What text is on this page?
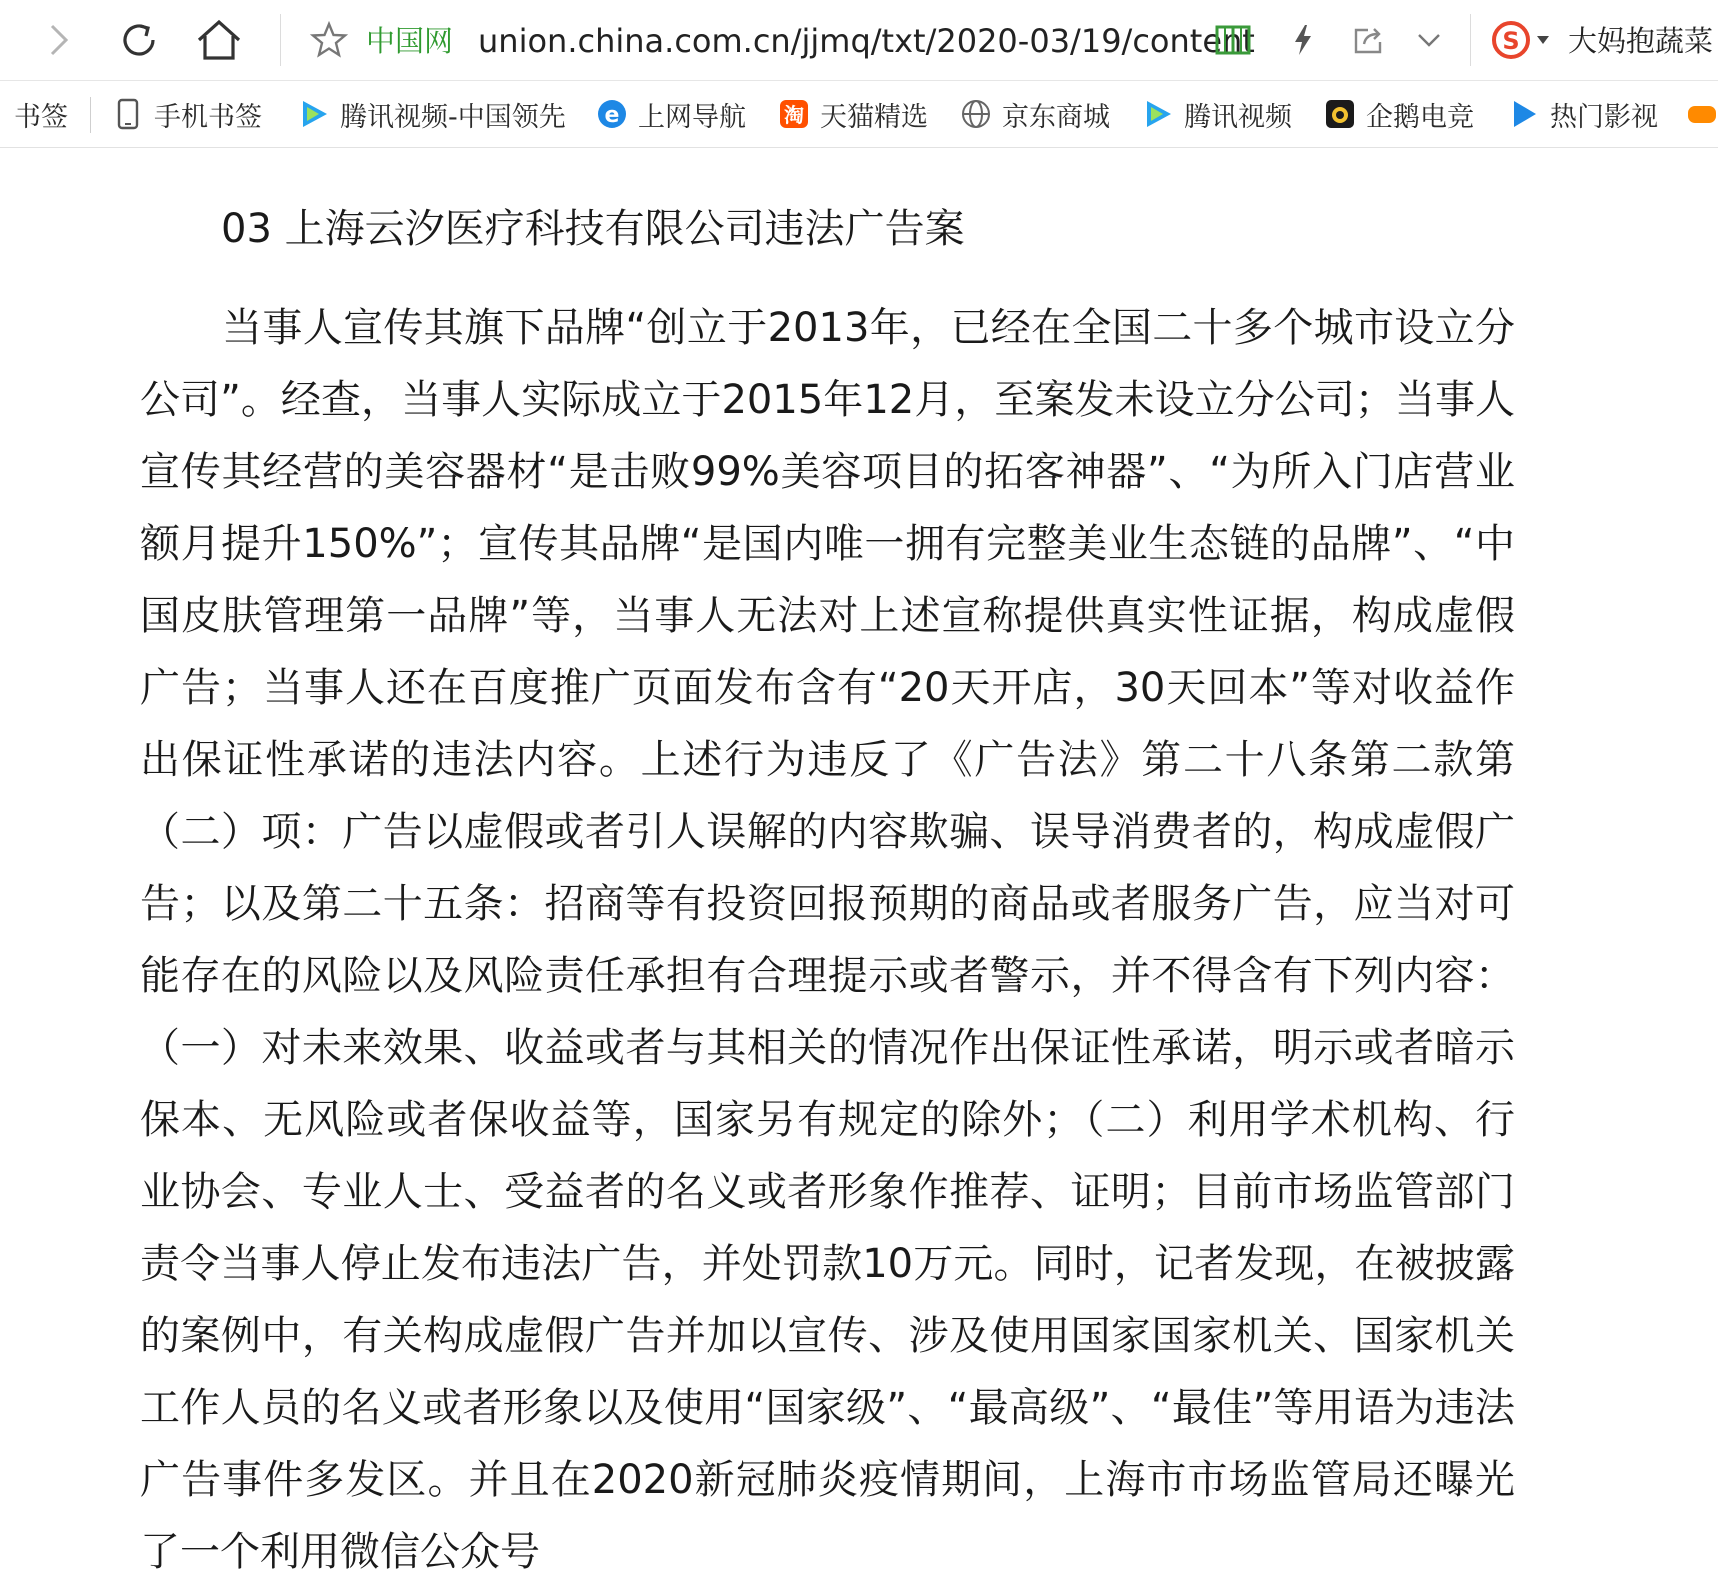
中国网 union.china.com.cn/jjmq/txt/2020-03/19/content	S 大妈抱蔬菜
书签	手机书签	腾讯视频-中国领先 e 上网导航 淘 天猫精选	京东商城	腾讯视频	企鹅电竞	热门影视
03 上海云汐医疗科技有限公司违法广告案

当事人宣传其旗下品牌“创立于2013年，已经在全国二十多个城市设立分公司”。经查，当事人实际成立于2015年12月，至案发未设立分公司；当事人宣传其经营的美容器材“是击败99%美容项目的拓客神器”、“为所入门店营业额月提升150%”；宣传其品牌“是国内唯一拥有完整美业生态链的品牌”、“中国皮肤管理第一品牌”等，当事人无法对上述宣称提供真实性证据，构成虚假广告；当事人还在百度推广页面发布含有“20天开店，30天回本”等对收益作出保证性承诺的违法内容。上述行为违反了《广告法》第二十八条第二款第（二）项：广告以虚假或者引人误解的内容欺骗、误导消费者的，构成虚假广告；以及第二十五条：招商等有投资回报预期的商品或者服务广告，应当对可能存在的风险以及风险责任承担有合理提示或者警示，并不得含有下列内容：（一）对未来效果、收益或者与其相关的情况作出保证性承诺，明示或者暗示保本、无风险或者保收益等，国家另有规定的除外；（二）利用学术机构、行业协会、专业人士、受益者的名义或者形象作推荐、证明；目前市场监管部门责令当事人停止发布违法广告，并处罚款10万元。同时，记者发现，在被披露的案例中，有关构成虚假广告并加以宣传、涉及使用国家国家机关、国家机关工作人员的名义或者形象以及使用“国家级”、“最高级”、“最佳”等用语为违法广告事件多发区。并且在2020新冠肺炎疫情期间，上海市市场监管局还曝光了一个利用微信公众号
